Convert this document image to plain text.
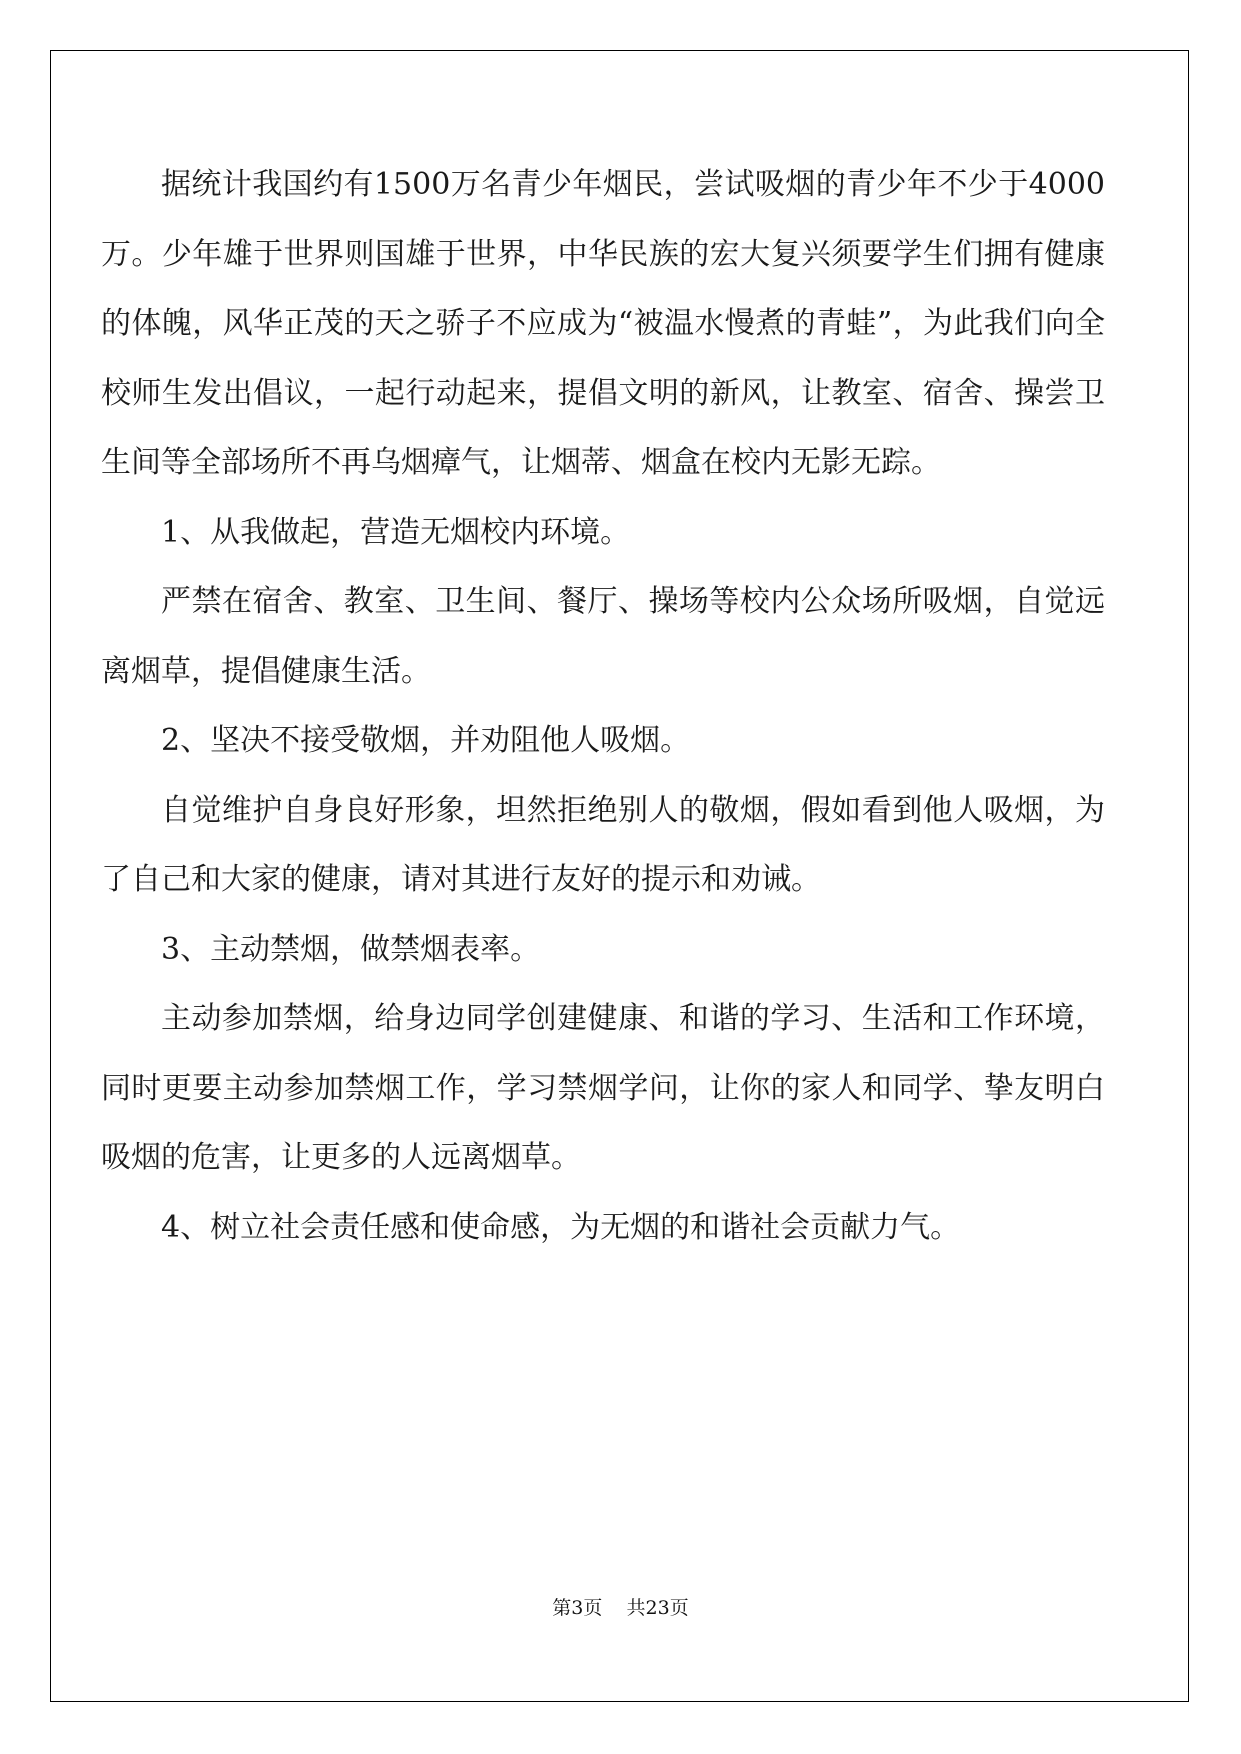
据统计我国约有1500万名青少年烟民，尝试吸烟的青少年不少于4000万。少年雄于世界则国雄于世界，中华民族的宏大复兴须要学生们拥有健康的体魄，风华正茂的天之骄子不应成为“被温水慢煮的青蛙”，为此我们向全校师生发出倡议，一起行动起来，提倡文明的新风，让教室、宿舍、操尝卫生间等全部场所不再乌烟瘴气，让烟蒂、烟盒在校内无影无踪。

1、从我做起，营造无烟校内环境。

严禁在宿舍、教室、卫生间、餐厅、操场等校内公众场所吸烟，自觉远离烟草，提倡健康生活。

2、坚决不接受敬烟，并劝阻他人吸烟。

自觉维护自身良好形象，坦然拒绝别人的敬烟，假如看到他人吸烟，为了自己和大家的健康，请对其进行友好的提示和劝诫。

3、主动禁烟，做禁烟表率。

主动参加禁烟，给身边同学创建健康、和谐的学习、生活和工作环境，同时更要主动参加禁烟工作，学习禁烟学问，让你的家人和同学、挚友明白吸烟的危害，让更多的人远离烟草。

4、树立社会责任感和使命感，为无烟的和谐社会贡献力气。

第3页 共23页
